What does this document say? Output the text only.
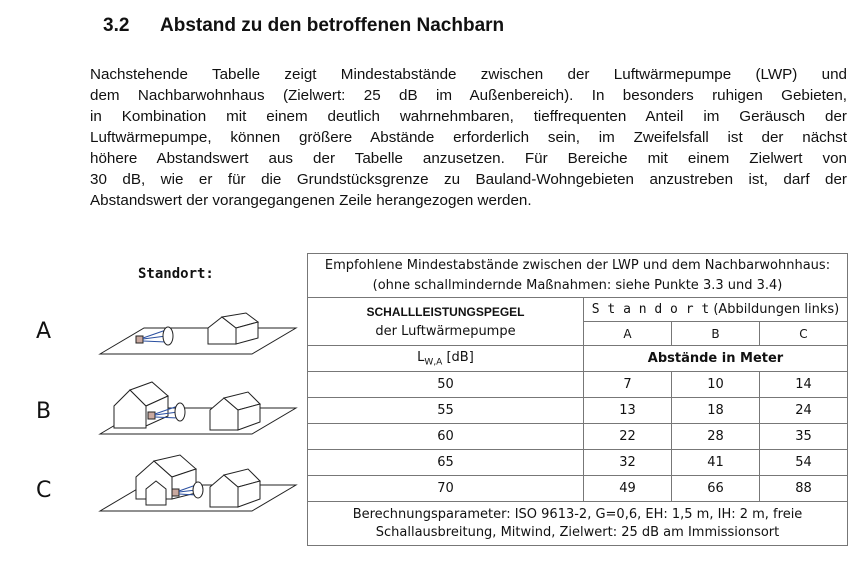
3.2 Abstand zu den betroffenen Nachbarn
Nachstehende Tabelle zeigt Mindestabstände zwischen der Luftwärmepumpe (LWP) und
dem Nachbarwohnhaus (Zielwert: 25 dB im Außenbereich). In besonders ruhigen Gebieten,
in Kombination mit einem deutlich wahrnehmbaren, tieffrequenten Anteil im Geräusch der
Luftwärmepumpe, können größere Abstände erforderlich sein, im Zweifelsfall ist der nächst
höhere Abstandswert aus der Tabelle anzusetzen. Für Bereiche mit einem Zielwert von
30 dB, wie er für die Grundstücksgrenze zu Bauland-Wohngebieten anzustreben ist, darf der
Abstandswert der vorangegangenen Zeile herangezogen werden.
Standort:
A
B
C
Empfohlene Mindestabstände zwischen der LWP und dem Nachbarwohnhaus:
(ohne schallmindernde Maßnahmen: siehe Punkte 3.3 und 3.4)			

SCHALLLEISTUNGSPEGEL
der Luftwärmepumpe	S t a n d o r t (Abbildungen links)		
	A	B	C
$L_{W,A}$ [dB]	Abstände in Meter		
50	7	10	14
55	13	18	24
60	22	28	35
65	32	41	54
70	49	66	88

Berechnungsparameter: ISO 9613-2, G=0,6, EH: 1,5 m, IH: 2 m, freie
Schallausbreitung, Mitwind, Zielwert: 25 dB am Immissionsort			
